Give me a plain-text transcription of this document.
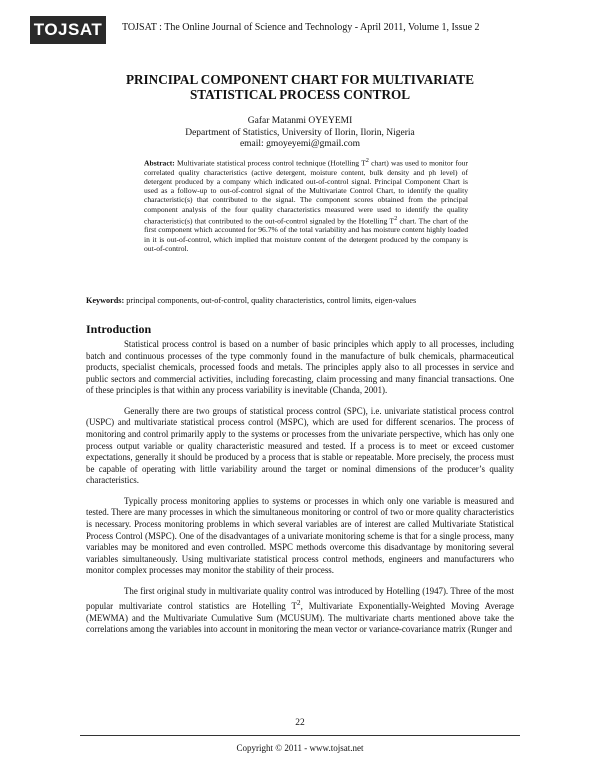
TOJSAT	TOJSAT : The Online Journal of Science and Technology - April 2011, Volume 1, Issue 2
PRINCIPAL COMPONENT CHART FOR MULTIVARIATE
STATISTICAL PROCESS CONTROL
Gafar Matanmi OYEYEMI
Department of Statistics, University of Ilorin, Ilorin, Nigeria
email: gmoyeyemi@gmail.com

Abstract: Multivariate statistical process control technique (Hotelling $T^2$ chart) was used to monitor four correlated quality characteristics (active detergent, moisture content, bulk density and ph level) of detergent produced by a company which indicated out-of-control signal. Principal Component Chart is used as a follow-up to out-of-control signal of the Multivariate Control Chart, to identify the quality characteristic(s) that contributed to the signal. The component scores obtained from the principal component analysis of the four quality characteristics measured were used to identify the quality characteristic(s) that contributed to the out-of-control signaled by the Hotelling $T^2$ chart. The chart of the first component which accounted for 96.7% of the total variability and has moisture content highly loaded in it is out-of-control, which implied that moisture content of the detergent produced by the company is out-of-control.

Keywords: principal components, out-of-control, quality characteristics, control limits, eigen-values
Introduction

Statistical process control is based on a number of basic principles which apply to all processes, including batch and continuous processes of the type commonly found in the manufacture of bulk chemicals, pharmaceutical products, specialist chemicals, processed foods and metals. The principles apply also to all processes in service and public sectors and commercial activities, including forecasting, claim processing and many financial transactions. One of these principles is that within any process variability is inevitable (Chanda, 2001).

Generally there are two groups of statistical process control (SPC), i.e. univariate statistical process control (USPC) and multivariate statistical process control (MSPC), which are used for different scenarios. The process of monitoring and control primarily apply to the systems or processes from the univariate perspective, which has only one process output variable or quality characteristic measured and tested. If a process is to meet or exceed customer expectations, generally it should be produced by a process that is stable or repeatable. More precisely, the process must be capable of operating with little variability around the target or nominal dimensions of the producer’s quality characteristics.

Typically process monitoring applies to systems or processes in which only one variable is measured and tested. There are many processes in which the simultaneous monitoring or control of two or more quality characteristics is necessary. Process monitoring problems in which several variables are of interest are called Multivariate Statistical Process Control (MSPC). One of the disadvantages of a univariate monitoring scheme is that for a single process, many variables may be monitored and even controlled. MSPC methods overcome this disadvantage by monitoring several variables simultaneously. Using multivariate statistical process control methods, engineers and manufacturers who monitor complex processes may monitor the stability of their process.

The first original study in multivariate quality control was introduced by Hotelling (1947). Three of the most popular multivariate control statistics are Hotelling $T^2$, Multivariate Exponentially-Weighted Moving Average (MEWMA) and the Multivariate Cumulative Sum (MCUSUM). The multivariate charts mentioned above take the correlations among the variables into account in monitoring the mean vector or variance-covariance matrix (Runger and

22
Copyright © 2011 - www.tojsat.net
